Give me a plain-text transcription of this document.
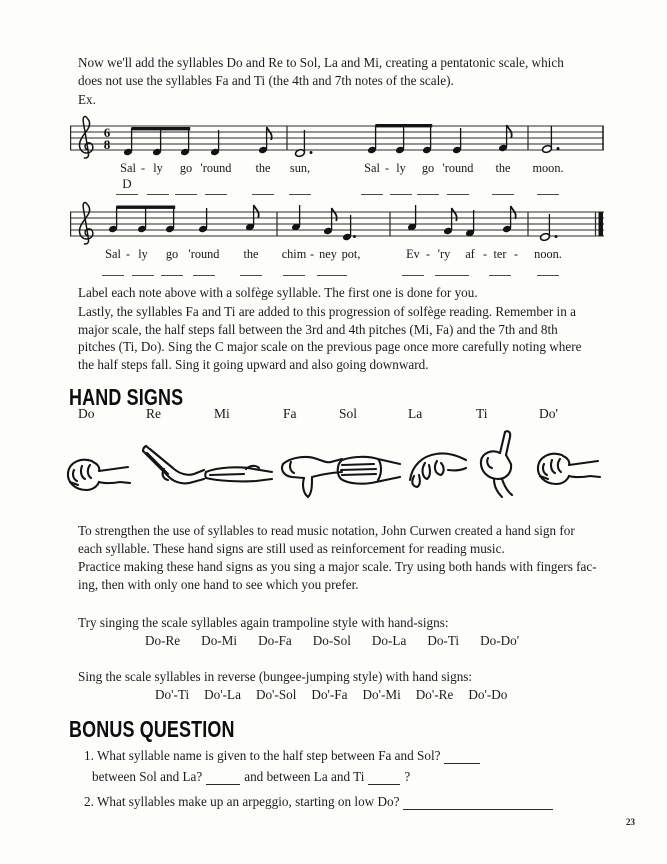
Now we'll add the syllables Do and Re to Sol, La and Mi, creating a pentatonic scale, which
does not use the syllables Fa and Ti (the 4th and 7th notes of the scale).
Ex.
6
8
Sal - ly go 'round the sun,	Sal - ly go 'round the moon.
D
Sal - ly go 'round the chim - ney pot,	Ev - 'ry af - ter - noon.
Label each note above with a solfège syllable. The first one is done for you.
Lastly, the syllables Fa and Ti are added to this progression of solfège reading. Remember in a
major scale, the half steps fall between the 3rd and 4th pitches (Mi, Fa) and the 7th and 8th
pitches (Ti, Do). Sing the C major scale on the previous page once more carefully noting where
the half steps fall. Sing it going upward and also going downward.
HAND SIGNS
Do	Re	Mi	Fa	Sol	La	Ti	Do'
To strengthen the use of syllables to read music notation, John Curwen created a hand sign for
each syllable. These hand signs are still used as reinforcement for reading music.
Practice making these hand signs as you sing a major scale. Try using both hands with fingers fac-
ing, then with only one hand to see which you prefer.
Try singing the scale syllables again trampoline style with hand-signs:
Do-Re Do-Mi Do-Fa Do-Sol Do-La Do-Ti Do-Do'
Sing the scale syllables in reverse (bungee-jumping style) with hand signs:
Do'-Ti Do'-La Do'-Sol Do'-Fa Do'-Mi Do'-Re Do'-Do
BONUS QUESTION
1. What syllable name is given to the half step between Fa and Sol?
between Sol and La?	and between La and Ti	?
2. What syllables make up an arpeggio, starting on low Do?
23
